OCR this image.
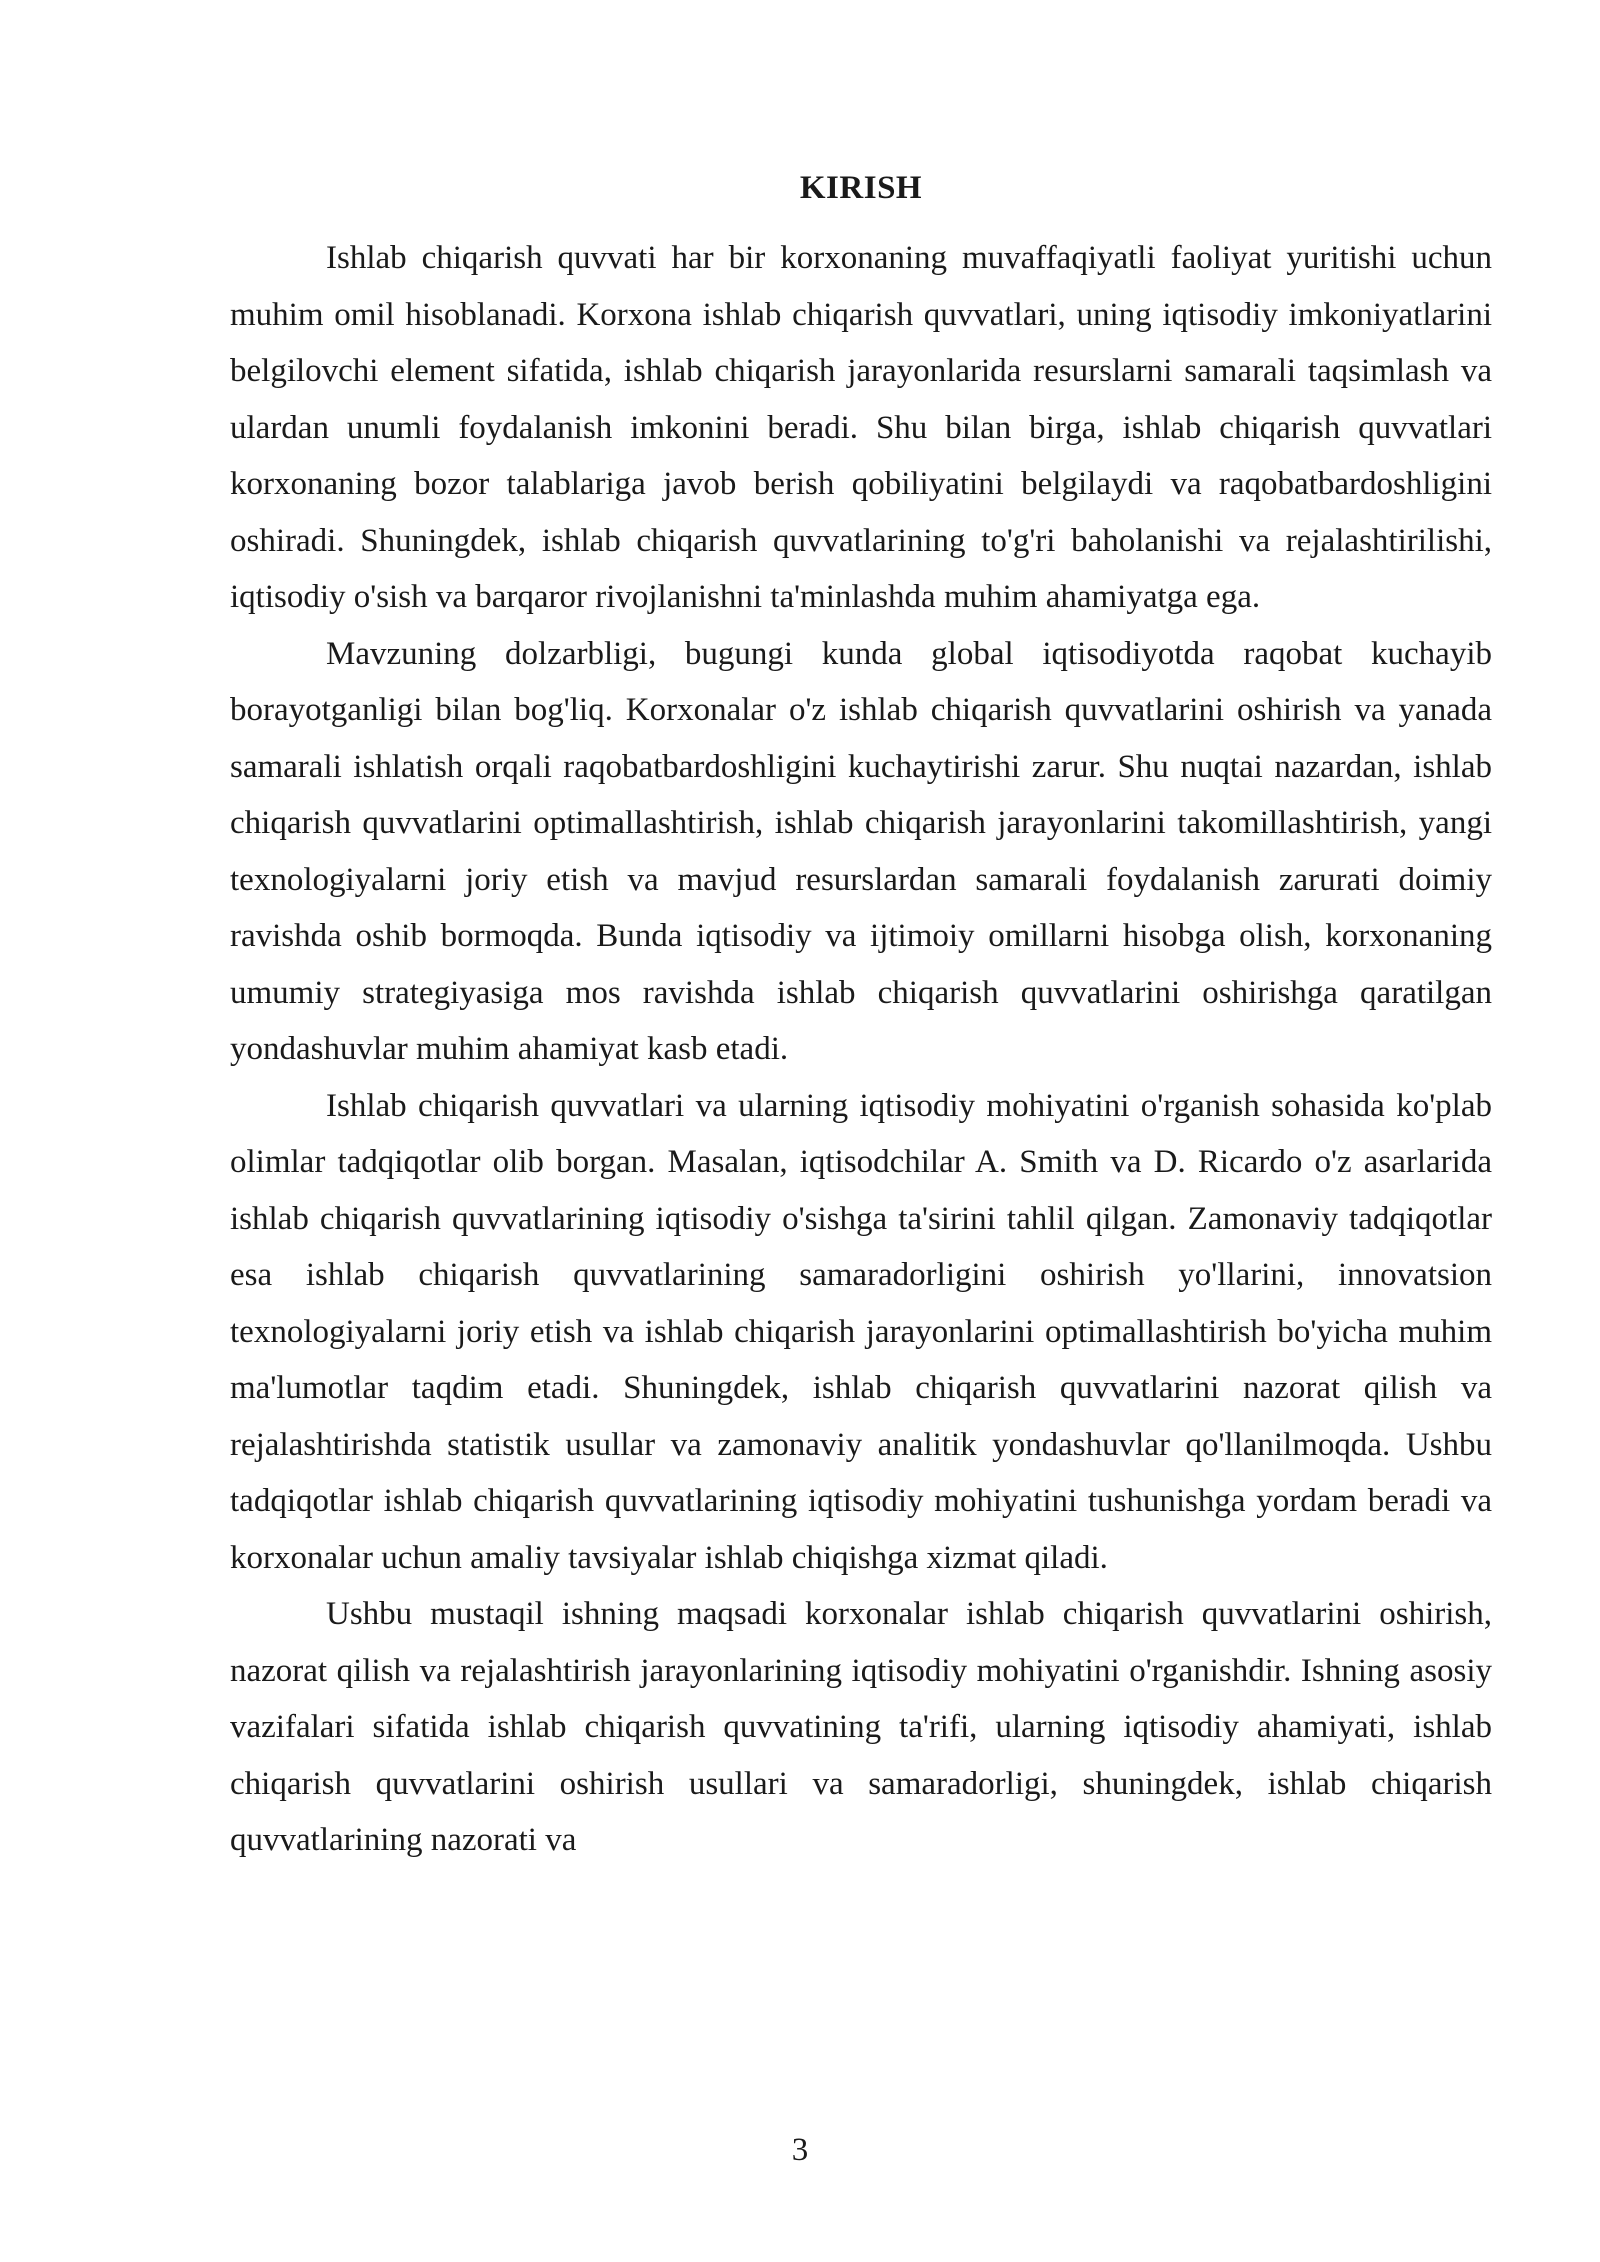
KIRISH

Ishlab chiqarish quvvati har bir korxonaning muvaffaqiyatli faoliyat yuritishi uchun muhim omil hisoblanadi. Korxona ishlab chiqarish quvvatlari, uning iqtisodiy imkoniyatlarini belgilovchi element sifatida, ishlab chiqarish jarayonlarida resurslarni samarali taqsimlash va ulardan unumli foydalanish imkonini beradi. Shu bilan birga, ishlab chiqarish quvvatlari korxonaning bozor talablariga javob berish qobiliyatini belgilaydi va raqobatbardoshligini oshiradi. Shuningdek, ishlab chiqarish quvvatlarining to'g'ri baholanishi va rejalashtirilishi, iqtisodiy o'sish va barqaror rivojlanishni ta'minlashda muhim ahamiyatga ega.

Mavzuning dolzarbligi, bugungi kunda global iqtisodiyotda raqobat kuchayib borayotganligi bilan bog'liq. Korxonalar o'z ishlab chiqarish quvvatlarini oshirish va yanada samarali ishlatish orqali raqobatbardoshligini kuchaytirishi zarur. Shu nuqtai nazardan, ishlab chiqarish quvvatlarini optimallashtirish, ishlab chiqarish jarayonlarini takomillashtirish, yangi texnologiyalarni joriy etish va mavjud resurslardan samarali foydalanish zarurati doimiy ravishda oshib bormoqda. Bunda iqtisodiy va ijtimoiy omillarni hisobga olish, korxonaning umumiy strategiyasiga mos ravishda ishlab chiqarish quvvatlarini oshirishga qaratilgan yondashuvlar muhim ahamiyat kasb etadi.

Ishlab chiqarish quvvatlari va ularning iqtisodiy mohiyatini o'rganish sohasida ko'plab olimlar tadqiqotlar olib borgan. Masalan, iqtisodchilar A. Smith va D. Ricardo o'z asarlarida ishlab chiqarish quvvatlarining iqtisodiy o'sishga ta'sirini tahlil qilgan. Zamonaviy tadqiqotlar esa ishlab chiqarish quvvatlarining samaradorligini oshirish yo'llarini, innovatsion texnologiyalarni joriy etish va ishlab chiqarish jarayonlarini optimallashtirish bo'yicha muhim ma'lumotlar taqdim etadi. Shuningdek, ishlab chiqarish quvvatlarini nazorat qilish va rejalashtirishda statistik usullar va zamonaviy analitik yondashuvlar qo'llanilmoqda. Ushbu tadqiqotlar ishlab chiqarish quvvatlarining iqtisodiy mohiyatini tushunishga yordam beradi va korxonalar uchun amaliy tavsiyalar ishlab chiqishga xizmat qiladi.

Ushbu mustaqil ishning maqsadi korxonalar ishlab chiqarish quvvatlarini oshirish, nazorat qilish va rejalashtirish jarayonlarining iqtisodiy mohiyatini o'rganishdir. Ishning asosiy vazifalari sifatida ishlab chiqarish quvvatining ta'rifi, ularning iqtisodiy ahamiyati, ishlab chiqarish quvvatlarini oshirish usullari va samaradorligi, shuningdek, ishlab chiqarish quvvatlarining nazorati va

3
